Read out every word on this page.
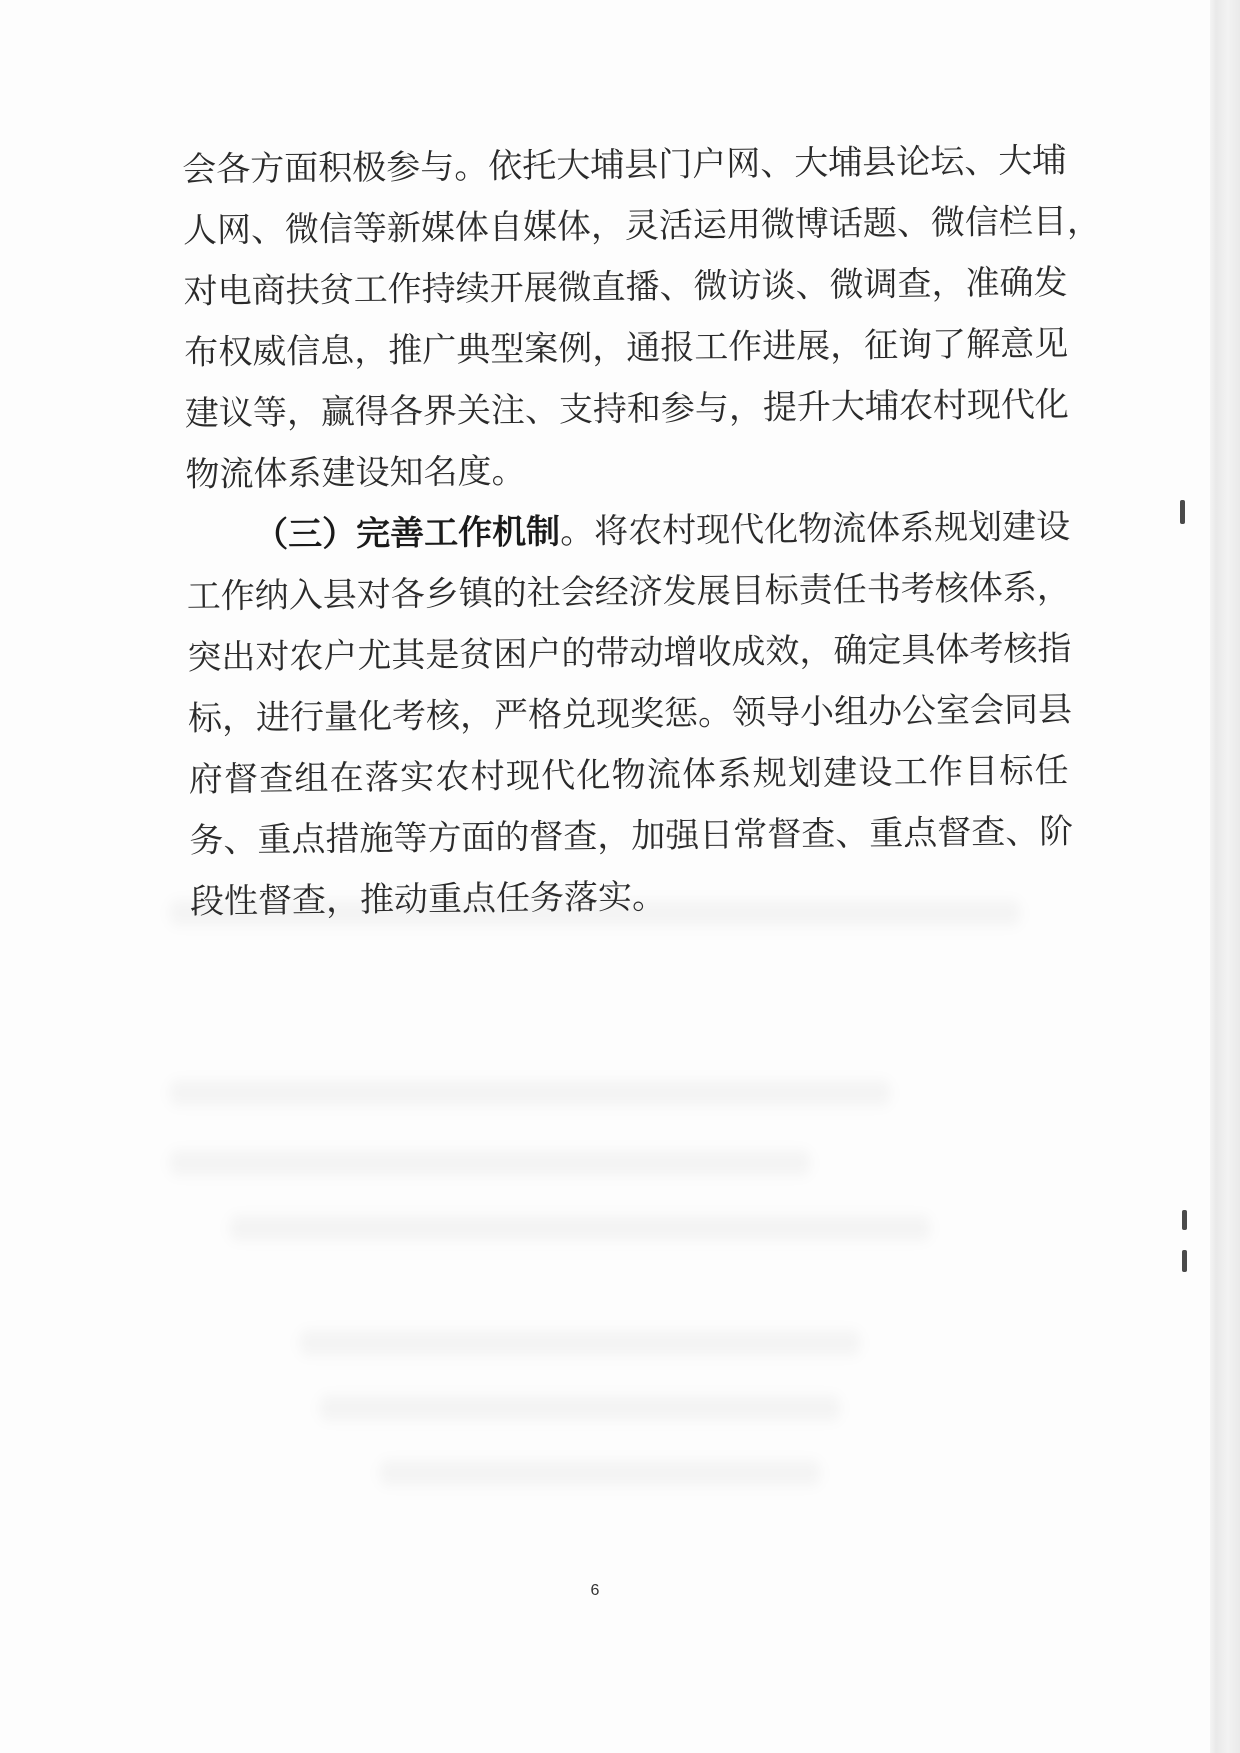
会各方面积极参与。依托大埔县门户网、大埔县论坛、大埔
人网、微信等新媒体自媒体，灵活运用微博话题、微信栏目，
对电商扶贫工作持续开展微直播、微访谈、微调查，准确发
布权威信息，推广典型案例，通报工作进展，征询了解意见
建议等，赢得各界关注、支持和参与，提升大埔农村现代化
物流体系建设知名度。
（三）完善工作机制。将农村现代化物流体系规划建设
工作纳入县对各乡镇的社会经济发展目标责任书考核体系，
突出对农户尤其是贫困户的带动增收成效，确定具体考核指
标，进行量化考核，严格兑现奖惩。领导小组办公室会同县
府督查组在落实农村现代化物流体系规划建设工作目标任
务、重点措施等方面的督查，加强日常督查、重点督查、阶
段性督查，推动重点任务落实。
6
